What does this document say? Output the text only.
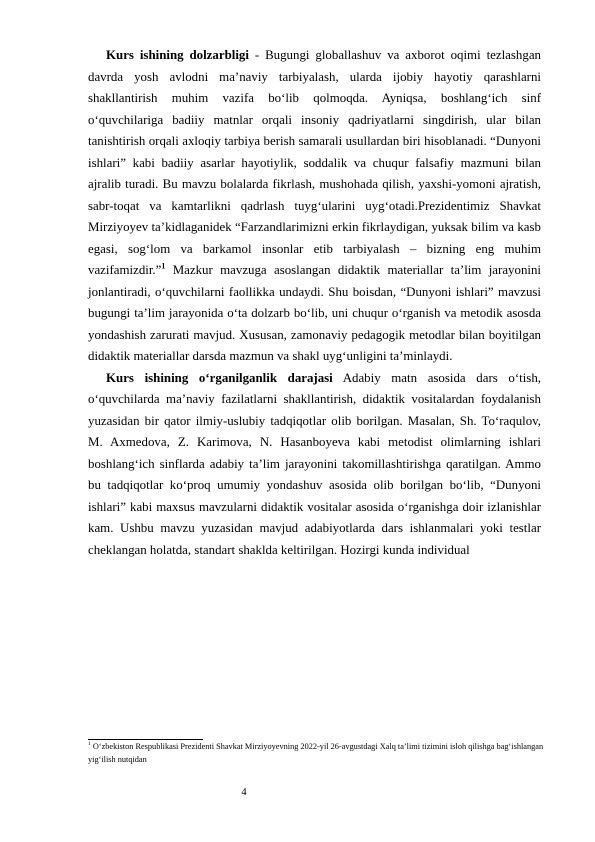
Kurs ishining dolzarbligi - Bugungi globallashuv va axborot oqimi tezlashgan davrda yosh avlodni ma’naviy tarbiyalash, ularda ijobiy hayotiy qarashlarni shakllantirish muhim vazifa bo‘lib qolmoqda. Ayniqsa, boshlang‘ich sinf o‘quvchilariga badiiy matnlar orqali insoniy qadriyatlarni singdirish, ular bilan tanishtirish orqali axloqiy tarbiya berish samarali usullardan biri hisoblanadi. “Dunyoni ishlari” kabi badiiy asarlar hayotiylik, soddalik va chuqur falsafiy mazmuni bilan ajralib turadi. Bu mavzu bolalarda fikrlash, mushohada qilish, yaxshi-yomoni ajratish, sabr-toqat va kamtarlikni qadrlash tuyg‘ularini uyg‘otadi.Prezidentimiz Shavkat Mirziyoyev ta’kidlaganidek “Farzandlarimizni erkin fikrlaydigan, yuksak bilim va kasb egasi, sog‘lom va barkamol insonlar etib tarbiyalash – bizning eng muhim vazifamizdir.”$^1$ Mazkur mavzuga asoslangan didaktik materiallar ta’lim jarayonini jonlantiradi, o‘quvchilarni faollikka undaydi. Shu boisdan, “Dunyoni ishlari” mavzusi bugungi ta’lim jarayonida o‘ta dolzarb bo‘lib, uni chuqur o‘rganish va metodik asosda yondashish zarurati mavjud. Xususan, zamonaviy pedagogik metodlar bilan boyitilgan didaktik materiallar darsda mazmun va shakl uyg‘unligini ta’minlaydi.

Kurs ishining o‘rganilganlik darajasi Adabiy matn asosida dars o‘tish, o‘quvchilarda ma’naviy fazilatlarni shakllantirish, didaktik vositalardan foydalanish yuzasidan bir qator ilmiy-uslubiy tadqiqotlar olib borilgan. Masalan, Sh. To‘raqulov, M. Axmedova, Z. Karimova, N. Hasanboyeva kabi metodist olimlarning ishlari boshlang‘ich sinflarda adabiy ta’lim jarayonini takomillashtirishga qaratilgan. Ammo bu tadqiqotlar ko‘proq umumiy yondashuv asosida olib borilgan bo‘lib, “Dunyoni ishlari” kabi maxsus mavzularni didaktik vositalar asosida o‘rganishga doir izlanishlar kam. Ushbu mavzu yuzasidan mavjud adabiyotlarda dars ishlanmalari yoki testlar cheklangan holatda, standart shaklda keltirilgan. Hozirgi kunda individual

$^1$ O‘zbekiston Respublikasi Prezidenti Shavkat Mirziyoyevning 2022-yil 26-avgustdagi Xalq ta’limi tizimini isloh qilishga bag‘ishlangan yig‘ilish nutqidan
4
